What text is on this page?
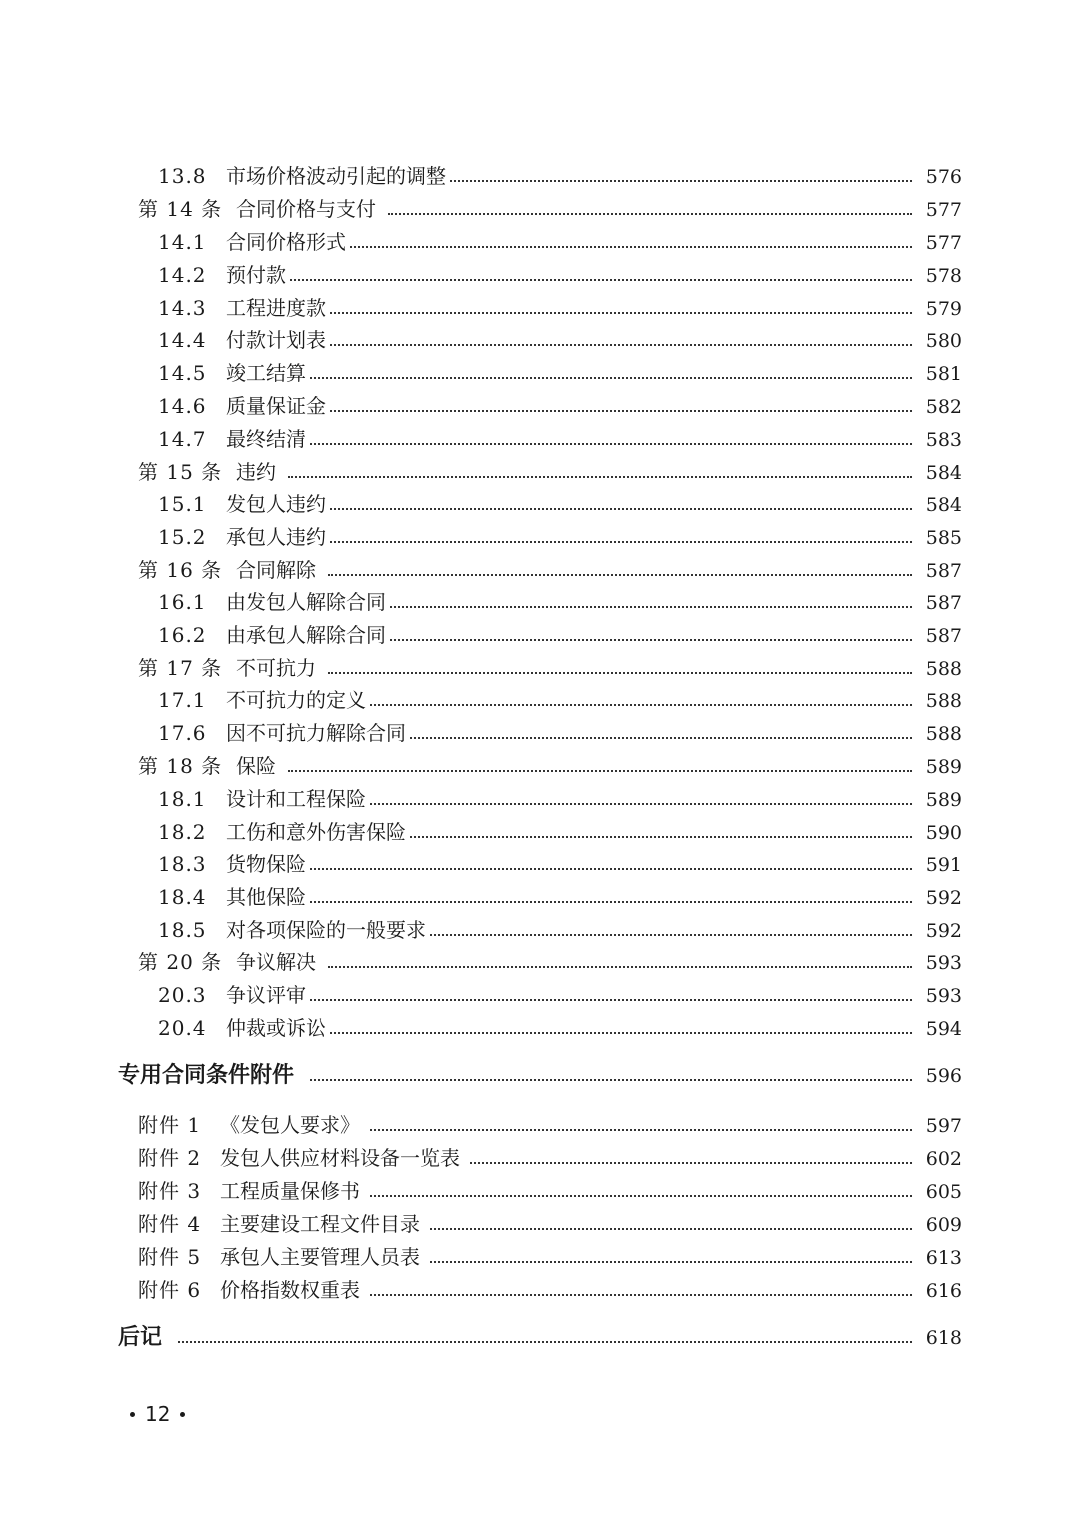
13.8 市场价格波动引起的调整	576
第 14 条 合同价格与支付	577
14.1 合同价格形式	577
14.2 预付款	578
14.3 工程进度款	579
14.4 付款计划表	580
14.5 竣工结算	581
14.6 质量保证金	582
14.7 最终结清	583
第 15 条 违约	584
15.1 发包人违约	584
15.2 承包人违约	585
第 16 条 合同解除	587
16.1 由发包人解除合同	587
16.2 由承包人解除合同	587
第 17 条 不可抗力	588
17.1 不可抗力的定义	588
17.6 因不可抗力解除合同	588
第 18 条 保险	589
18.1 设计和工程保险	589
18.2 工伤和意外伤害保险	590
18.3 货物保险	591
18.4 其他保险	592
18.5 对各项保险的一般要求	592
第 20 条 争议解决	593
20.3 争议评审	593
20.4 仲裁或诉讼	594
专用合同条件附件	596
附件 1 《发包人要求》	597
附件 2 发包人供应材料设备一览表	602
附件 3 工程质量保修书	605
附件 4 主要建设工程文件目录	609
附件 5 承包人主要管理人员表	613
附件 6 价格指数权重表	616
后记	618
12
